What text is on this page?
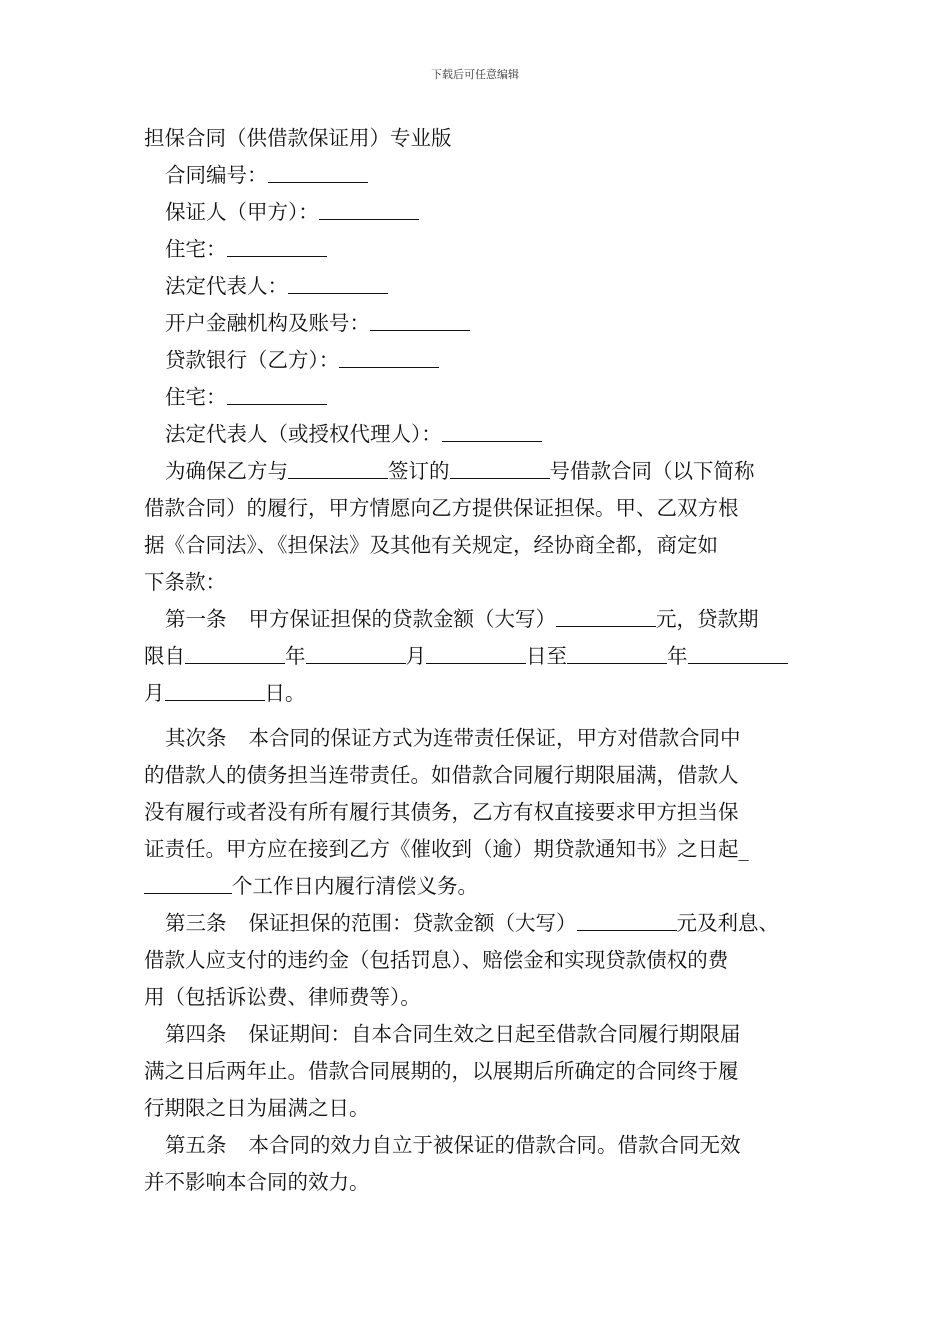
下载后可任意编辑

担保合同（供借款保证用）专业版

合同编号：

保证人（甲方）：

住宅：

法定代表人：

开户金融机构及账号：

贷款银行（乙方）：

住宅：

法定代表人（或授权代理人）：

为确保乙方与	签订的	号借款合同（以下简称

借款合同）的履行，甲方情愿向乙方提供保证担保。甲、乙双方根

据《合同法》、《担保法》及其他有关规定，经协商全都，商定如

下条款：

第一条 甲方保证担保的贷款金额（大写）	元，贷款期

限自	年	月	日至	年

月	日。

其次条 本合同的保证方式为连带责任保证，甲方对借款合同中

的借款人的债务担当连带责任。如借款合同履行期限届满，借款人

没有履行或者没有所有履行其债务，乙方有权直接要求甲方担当保

证责任。甲方应在接到乙方《催收到（逾）期贷款通知书》之日起_

个工作日内履行清偿义务。

第三条 保证担保的范围：贷款金额（大写）	元及利息、

借款人应支付的违约金（包括罚息）、赔偿金和实现贷款债权的费

用（包括诉讼费、律师费等）。

第四条 保证期间：自本合同生效之日起至借款合同履行期限届

满之日后两年止。借款合同展期的，以展期后所确定的合同终于履

行期限之日为届满之日。

第五条 本合同的效力自立于被保证的借款合同。借款合同无效

并不影响本合同的效力。
